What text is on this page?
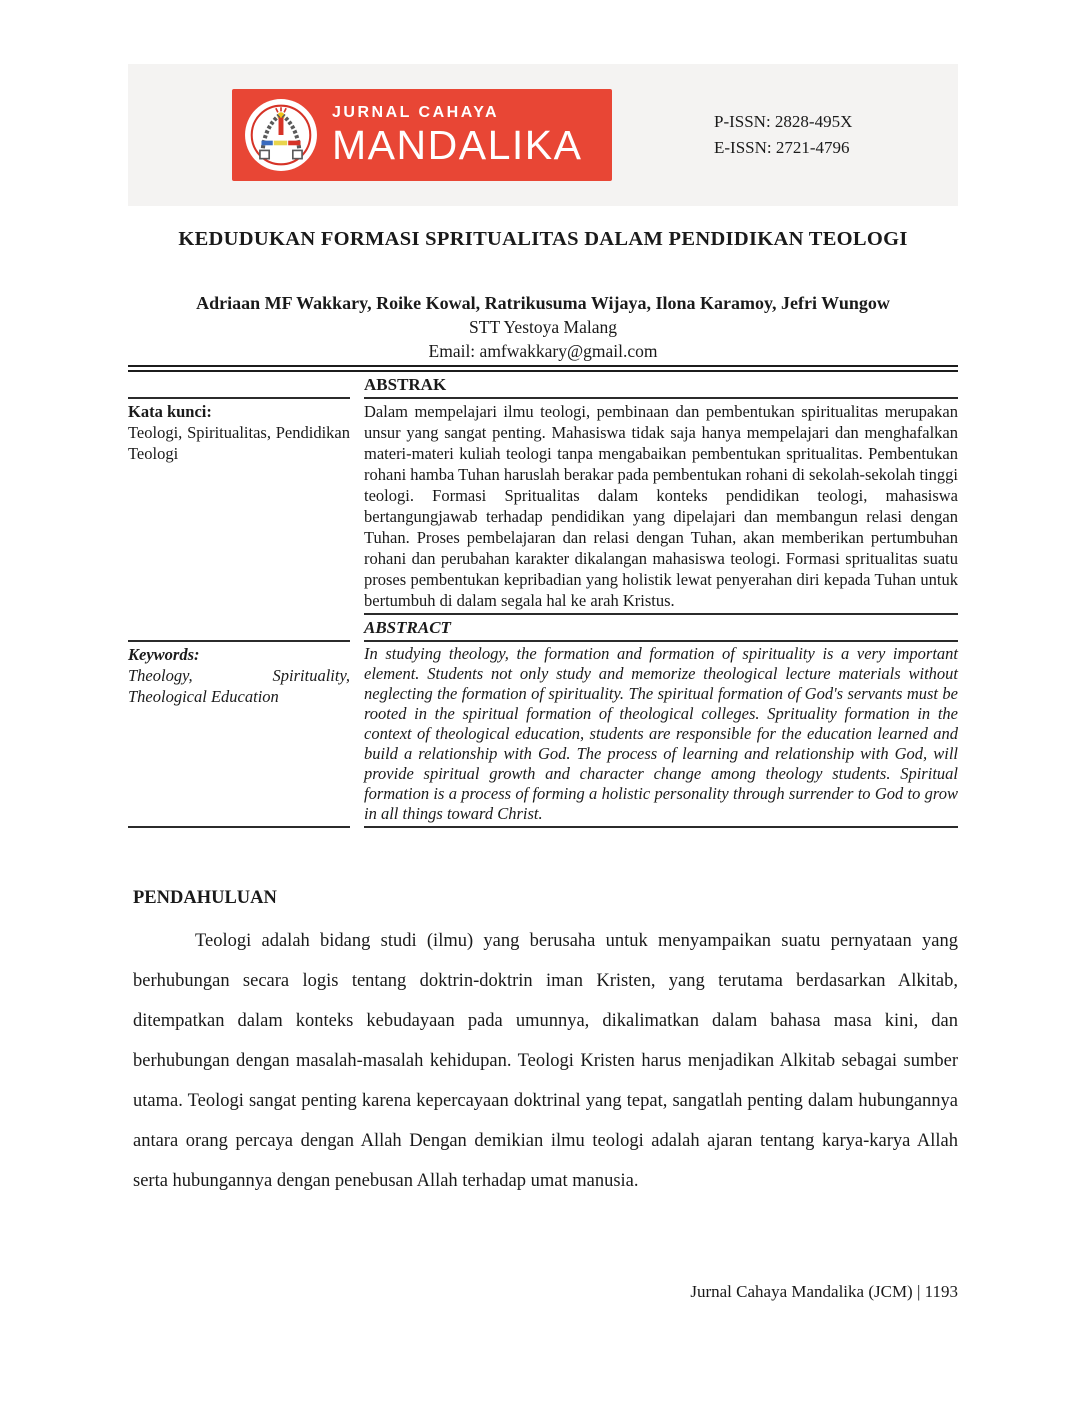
JURNAL CAHAYA
MANDALIKA	P-ISSN: 2828-495X
E-ISSN: 2721-4796
KEDUDUKAN FORMASI SPRITUALITAS DALAM PENDIDIKAN TEOLOGI
Adriaan MF Wakkary, Roike Kowal, Ratrikusuma Wijaya, Ilona Karamoy, Jefri Wungow
STT Yestoya Malang
Email: amfwakkary@gmail.com
ABSTRAK
Kata kunci:
Teologi, Spiritualitas, Pendidikan Teologi
Dalam mempelajari ilmu teologi, pembinaan dan pembentukan spiritualitas merupakan unsur yang sangat penting. Mahasiswa tidak saja hanya mempelajari dan menghafalkan materi-materi kuliah teologi tanpa mengabaikan pembentukan spritualitas. Pembentukan rohani hamba Tuhan haruslah berakar pada pembentukan rohani di sekolah-sekolah tinggi teologi. Formasi Spritualitas dalam konteks pendidikan teologi, mahasiswa bertangungjawab terhadap pendidikan yang dipelajari dan membangun relasi dengan Tuhan. Proses pembelajaran dan relasi dengan Tuhan, akan memberikan pertumbuhan rohani dan perubahan karakter dikalangan mahasiswa teologi. Formasi spritualitas suatu proses pembentukan kepribadian yang holistik lewat penyerahan diri kepada Tuhan untuk bertumbuh di dalam segala hal ke arah Kristus.
ABSTRACT
Keywords:
Theology, Spirituality, Theological Education
In studying theology, the formation and formation of spirituality is a very important element. Students not only study and memorize theological lecture materials without neglecting the formation of spirituality. The spiritual formation of God's servants must be rooted in the spiritual formation of theological colleges. Sprituality formation in the context of theological education, students are responsible for the education learned and build a relationship with God. The process of learning and relationship with God, will provide spiritual growth and character change among theology students. Spiritual formation is a process of forming a holistic personality through surrender to God to grow in all things toward Christ.
PENDAHULUAN
Teologi adalah bidang studi (ilmu) yang berusaha untuk menyampaikan suatu pernyataan yang berhubungan secara logis tentang doktrin-doktrin iman Kristen, yang terutama berdasarkan Alkitab, ditempatkan dalam konteks kebudayaan pada umunnya, dikalimatkan dalam bahasa masa kini, dan berhubungan dengan masalah-masalah kehidupan. Teologi Kristen harus menjadikan Alkitab sebagai sumber utama. Teologi sangat penting karena kepercayaan doktrinal yang tepat, sangatlah penting dalam hubungannya antara orang percaya dengan Allah Dengan demikian ilmu teologi adalah ajaran tentang karya-karya Allah serta hubungannya dengan penebusan Allah terhadap umat manusia.
Jurnal Cahaya Mandalika (JCM) | 1193
